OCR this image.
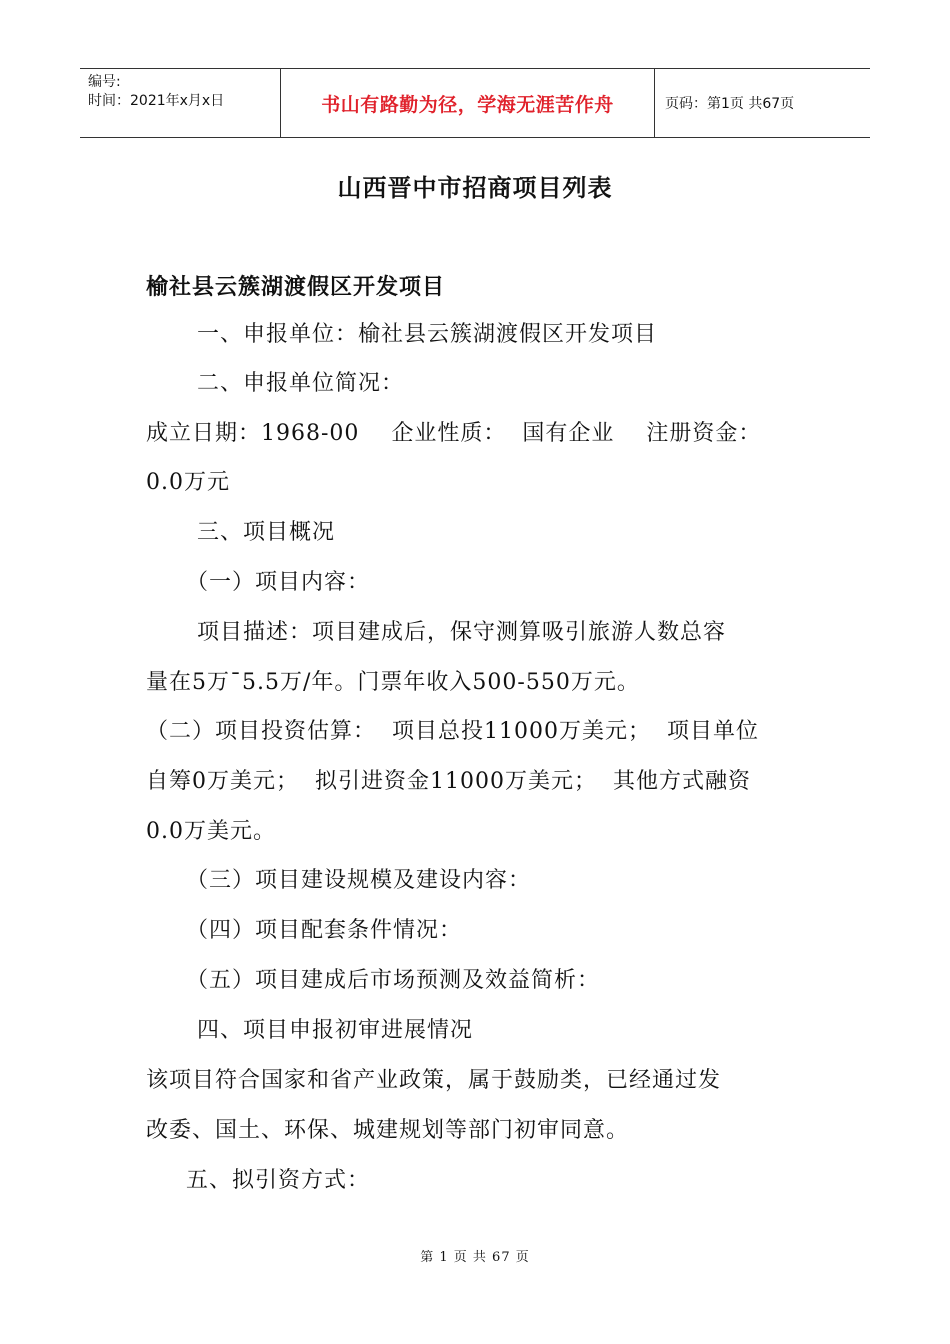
编号:
时间：2021年x月x日	书山有路勤为径，学海无涯苦作舟	页码：第1页 共67页
山西晋中市招商项目列表
榆社县云簇湖渡假区开发项目
一、申报单位：榆社县云簇湖渡假区开发项目
二、申报单位简况：
成立日期：1968-00    企业性质：  国有企业    注册资金：
0.0万元
三、项目概况
（一）项目内容：
项目描述：项目建成后，保守测算吸引旅游人数总容
量在5万¯5.5万/年。门票年收入500-550万元。
（二）项目投资估算：  项目总投11000万美元；  项目单位
自筹0万美元；  拟引进资金11000万美元；  其他方式融资
0.0万美元。
（三）项目建设规模及建设内容：
（四）项目配套条件情况：
（五）项目建成后市场预测及效益简析：
四、项目申报初审进展情况
该项目符合国家和省产业政策，属于鼓励类，已经通过发
改委、国土、环保、城建规划等部门初审同意。
五、拟引资方式：
第 1 页 共 67 页
